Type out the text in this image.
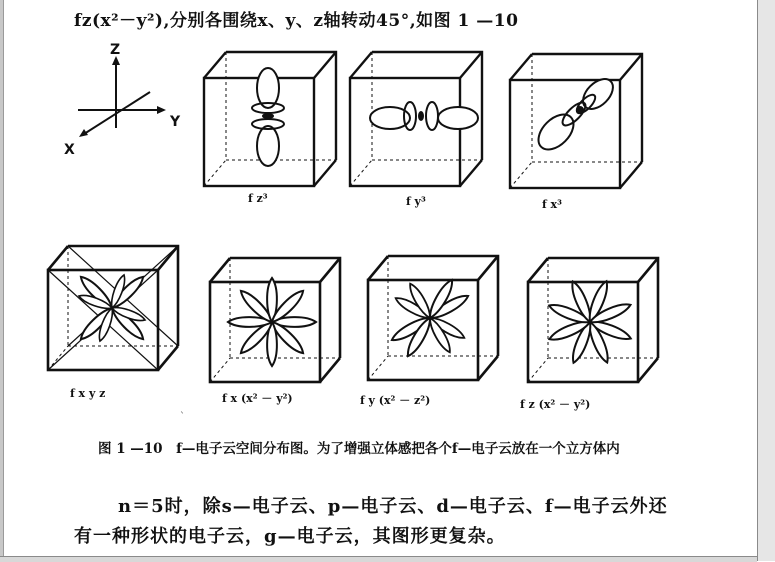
fz(x²－y²),分别各围绕x、y、z轴转动45°,如图 1 —10
Z
Y
X
f z³	f y³	f x³
f x y z	f x (x² － y²)	f y (x² － z²)	f z (x² － y²)
ˋ
图 1 —10　f—电子云空间分布图。为了增强立体感把各个f—电子云放在一个立方体内
n＝5时，除s—电子云、p—电子云、d—电子云、f—电子云外还有一种形状的电子云，g—电子云，其图形更复杂。
